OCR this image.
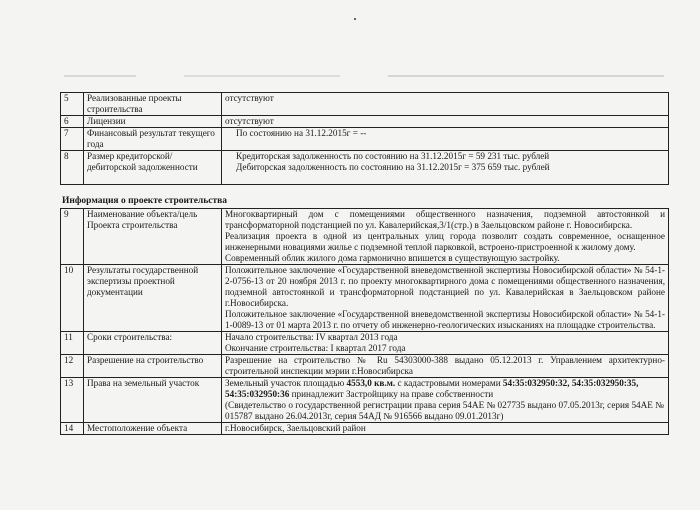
5	Реализованные проекты строительства	отсутствуют
6	Лицензии	отсутствуют
7	Финансовый результат текущего года	По состоянию на 31.12.2015г = --
8	Размер кредиторской/дебиторской задолженности	Кредиторская задолженность по состоянию на 31.12.2015г = 59 231 тыс. рублей
Дебиторская задолженность по состоянию на 31.12.2015г = 375 659 тыс. рублей
Информация о проекте строительства
9	Наименование объекта/цель Проекта строительства	Многоквартирный дом с помещениями общественного назначения, подземной автостоянкой и трансформаторной подстанцией по ул. Кавалерийская,3/1(стр.) в Заельцовском районе г. Новосибирска.
Реализация проекта в одной из центральных улиц города позволит создать современное, оснащенное инженерными новациями жилье с подземной теплой парковкой, встроено-пристроенной к жилому дому.
Современный облик жилого дома гармонично впишется в существующую застройку.

10	Результаты государственной экспертизы проектной документации	Положительное заключение «Государственной вневедомственной экспертизы Новосибирской области» № 54-1-2-0756-13 от 20 ноября 2013 г. по проекту многоквартирного дома с помещениями общественного назначения, подземной автостоянкой и трансформаторной подстанцией по ул. Кавалерийская в Заельцовском районе г.Новосибирска.
Положительное заключение «Государственной вневедомственной экспертизы Новосибирской области» № 54-1-1-0089-13 от 01 марта 2013 г. по отчету об инженерно-геологических изысканиях на площадке строительства.

11	Сроки строительства:	Начало строительства: IV квартал 2013 года
Окончание строительства: I квартал 2017 года

12	Разрешение на строительство	Разрешение на строительство № Ru 54303000-388 выдано 05.12.2013 г. Управлением архитектурно-строительной инспекции мэрии г.Новосибирска

13	Права на земельный участок	Земельный участок площадью 4553,0 кв.м. с кадастровыми номерами 54:35:032950:32, 54:35:032950:35, 54:35:032950:36 принадлежит Застройщику на праве собственности
(Свидетельство о государственной регистрации права серия 54АЕ № 027735 выдано 07.05.2013г, серия 54АЕ № 015787 выдано 26.04.2013г, серия 54АД № 916566 выдано 09.01.2013г)

14	Местоположение объекта	г.Новосибирск, Заельцовский район
